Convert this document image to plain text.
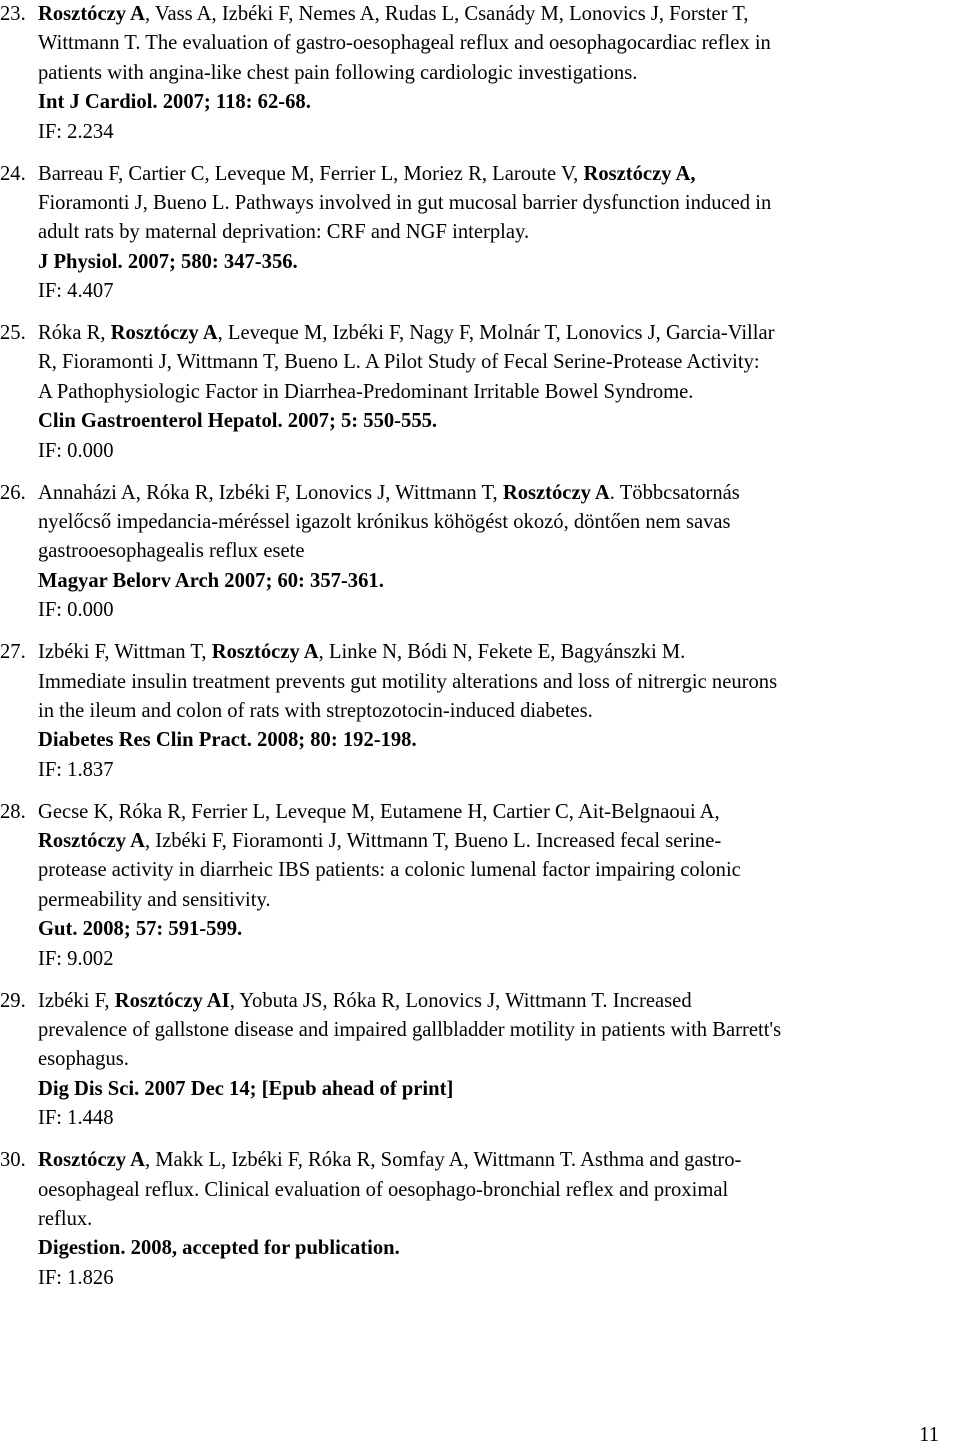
23. Rosztóczy A, Vass A, Izbéki F, Nemes A, Rudas L, Csanády M, Lonovics J, Forster T,
Wittmann T. The evaluation of gastro-oesophageal reflux and oesophagocardiac reflex in
patients with angina-like chest pain following cardiologic investigations.
Int J Cardiol. 2007; 118: 62-68.
IF: 2.234
24. Barreau F, Cartier C, Leveque M, Ferrier L, Moriez R, Laroute V, Rosztóczy A,
Fioramonti J, Bueno L. Pathways involved in gut mucosal barrier dysfunction induced in
adult rats by maternal deprivation: CRF and NGF interplay.
J Physiol. 2007; 580: 347-356.
IF: 4.407
25. Róka R, Rosztóczy A, Leveque M, Izbéki F, Nagy F, Molnár T, Lonovics J, Garcia-Villar
R, Fioramonti J, Wittmann T, Bueno L. A Pilot Study of Fecal Serine-Protease Activity:
A Pathophysiologic Factor in Diarrhea-Predominant Irritable Bowel Syndrome.
Clin Gastroenterol Hepatol. 2007; 5: 550-555.
IF: 0.000
26. Annaházi A, Róka R, Izbéki F, Lonovics J, Wittmann T, Rosztóczy A. Többcsatornás
nyelőcső impedancia-méréssel igazolt krónikus köhögést okozó, döntően nem savas
gastrooesophagealis reflux esete
Magyar Belorv Arch 2007; 60: 357-361.
IF: 0.000
27. Izbéki F, Wittman T, Rosztóczy A, Linke N, Bódi N, Fekete E, Bagyánszki M.
Immediate insulin treatment prevents gut motility alterations and loss of nitrergic neurons
in the ileum and colon of rats with streptozotocin-induced diabetes.
Diabetes Res Clin Pract. 2008; 80: 192-198.
IF: 1.837
28. Gecse K, Róka R, Ferrier L, Leveque M, Eutamene H, Cartier C, Ait-Belgnaoui A,
Rosztóczy A, Izbéki F, Fioramonti J, Wittmann T, Bueno L. Increased fecal serine-
protease activity in diarrheic IBS patients: a colonic lumenal factor impairing colonic
permeability and sensitivity.
Gut. 2008; 57: 591-599.
IF: 9.002
29. Izbéki F, Rosztóczy AI, Yobuta JS, Róka R, Lonovics J, Wittmann T. Increased
prevalence of gallstone disease and impaired gallbladder motility in patients with Barrett's
esophagus.
Dig Dis Sci. 2007 Dec 14; [Epub ahead of print]
IF: 1.448
30. Rosztóczy A, Makk L, Izbéki F, Róka R, Somfay A, Wittmann T. Asthma and gastro-
oesophageal reflux. Clinical evaluation of oesophago-bronchial reflex and proximal
reflux.
Digestion. 2008, accepted for publication.
IF: 1.826
11
